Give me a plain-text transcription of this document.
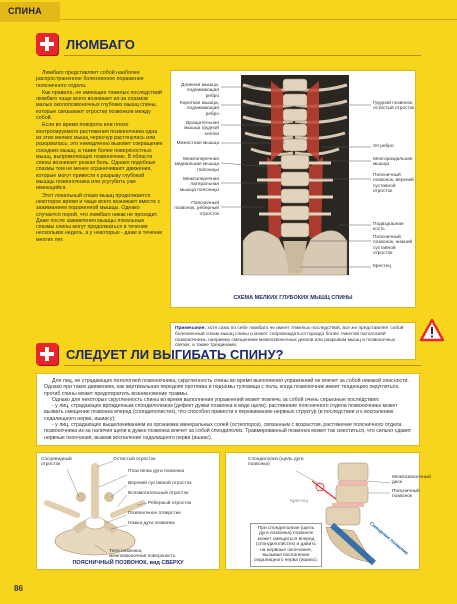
СПИНА
ЛЮМБАГО

Люмбаго представляет собой наиболее распространенное болезненное поражение поясничного отдела.

Как правило, не имеющее тяжелых последствий люмбаго чаще всего возникает из-за спазмов малых околопозвоночных глубоких мышц спины, которые связывают отростки позвонков между собой.

Если во время поворота или плохо контролируемого растяжения позвоночника одна из этих мелких мышц чересчур растянулась или разорвалась, это немедленно вызовет сокращение соседних мышц, а также более поверхностных мышц, выпрямляющих позвоночник. В области спины возникает резкая боль. Однако подобные спазмы тем не менее ограничивают движения, которые могут привести к разрыву глубокой мышцы позвоночника или усугубить уже имеющийся.

Этот локальный спазм мышц продолжается некоторое время и чаще всего возникает вместе с зажиманием пораженной мышцы. Однако случается порой, что люмбаго никак не проходит. Даже после заживления мышцы локальные спазмы спины могут продолжаться в течение нескольких недель, а у некоторых - даже в течение многих лет.

Длинная мышца, поднимающая ребро
Короткая мышца, поднимающая ребро
Вращательная мышца грудной клетки
Межостная мышца
Межпоперечная медиальная мышца поясницы
Межпоперечная латеральная мышца поясницы
Поясничный позвонок, реберный отросток
Грудной позвонок, остистый отросток
XII ребро
Многораздельная мышца
Поясничный позвонок, верхний суставной отросток
Подвздошная кость
Поясничный позвонок, нижний суставной отросток
Крестец
СХЕМА МЕЛКИХ ГЛУБОКИХ МЫШЦ СПИНЫ
Примечание: хотя само по себе люмбаго не имеет тяжелых последствий, все же представляет собой болезненный спазм мышц спины и может сопровождаться гораздо более тяжелой патологией позвоночника, например смещением межпозвоночных дисков или разрывом мышц и позвоночных связок, а также трещинами.
СЛЕДУЕТ ЛИ ВЫГИБАТЬ СПИНУ?

Для лиц, не страдающих патологией позвоночника, скругленность спины во время выполнения упражнений не влечет за собой никакой опасности. Однако при таких движениях, как вертикальная передняя протяжка и подъемы туловища с пола, когда позвоночник имеет тенденцию округляться, прогиб спины может предотвратить возникновение травмы.

Однако для некоторых скругленность спины во время выполнения упражнений может повлечь за собой очень серьезные последствия:

- у лиц, страдающих врожденным спондилолизом (дефект дужки позвонка в виде щели), растяжение поясничного отдела позвоночника может вызвать смещение позвонка вперед (спондилолистез), что способно привести к пережиманию нервных структур (в последствии и к воспалению седалищного нерва, ишиасу);

- у лиц, страдающих выщелачиванием из организма минеральных солей (остеопороз), связанным с возрастом, растяжение поясничного отдела позвоночника из-за наличия щели в дужке позвонка влечет за собой спондилолиз. Травмированный позвонок может так сместиться, что сильно сдавит нервные окончания, вызвав воспаление седалищного нерва (ишиас).

Остистый отросток
Пластинка дуги позвонка
Верхний суставной отросток
Сосцевидный отросток
Вспомогательный отросток
Реберный отросток
Позвоночное отверстие
Ножка дуги позвонка
Тело позвонка, межпозвоночная поверхность
ПОЯСНИЧНЫЙ ПОЗВОНОК, вид СВЕРХУ
Спондилолиз (щель дуги позвонка)
Межпозвоночный диск
Поясничный позвонок
Крестец
Смещение позвонка
При спондилолизе (щель дуги позвонка) позвонок может смещаться вперед (спондилолистез) и давить на нервные окончания, вызывая воспаление седалищного нерва (ишиас).
86
